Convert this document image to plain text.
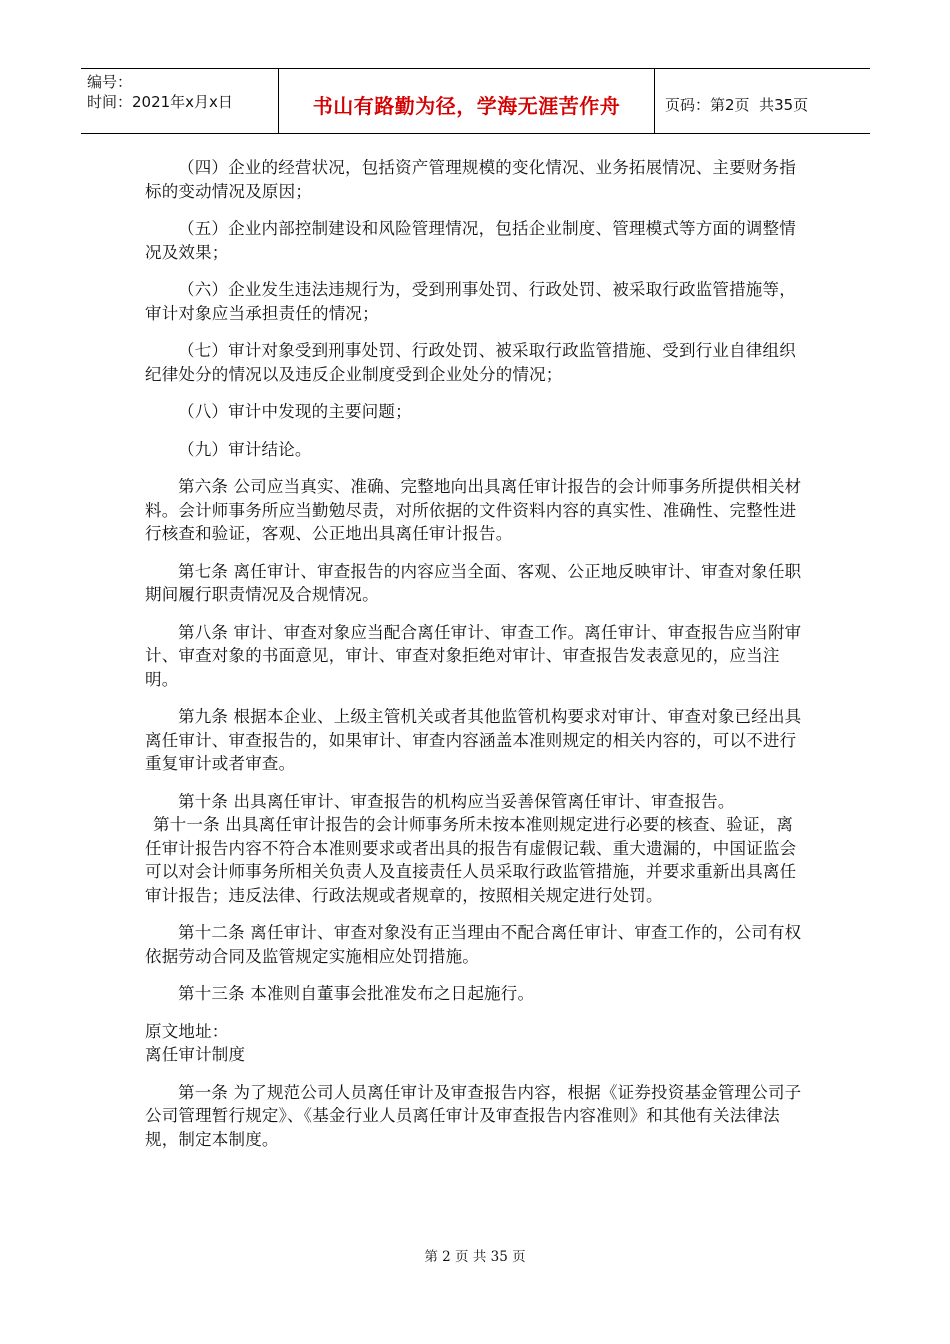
编号：
时间：2021年x月x日	书山有路勤为径，学海无涯苦作舟	页码：第2页  共35页

（四）企业的经营状况，包括资产管理规模的变化情况、业务拓展情况、主要财务指标的变动情况及原因；

（五）企业内部控制建设和风险管理情况，包括企业制度、管理模式等方面的调整情况及效果；

（六）企业发生违法违规行为，受到刑事处罚、行政处罚、被采取行政监管措施等，审计对象应当承担责任的情况；

（七）审计对象受到刑事处罚、行政处罚、被采取行政监管措施、受到行业自律组织纪律处分的情况以及违反企业制度受到企业处分的情况；

（八）审计中发现的主要问题；

（九）审计结论。

第六条 公司应当真实、准确、完整地向出具离任审计报告的会计师事务所提供相关材料。会计师事务所应当勤勉尽责，对所依据的文件资料内容的真实性、准确性、完整性进行核查和验证，客观、公正地出具离任审计报告。

第七条 离任审计、审查报告的内容应当全面、客观、公正地反映审计、审查对象任职期间履行职责情况及合规情况。

第八条 审计、审查对象应当配合离任审计、审查工作。离任审计、审查报告应当附审计、审查对象的书面意见，审计、审查对象拒绝对审计、审查报告发表意见的，应当注明。

第九条 根据本企业、上级主管机关或者其他监管机构要求对审计、审查对象已经出具离任审计、审查报告的，如果审计、审查内容涵盖本准则规定的相关内容的，可以不进行重复审计或者审查。

第十条 出具离任审计、审查报告的机构应当妥善保管离任审计、审查报告。

第十一条 出具离任审计报告的会计师事务所未按本准则规定进行必要的核查、验证，离任审计报告内容不符合本准则要求或者出具的报告有虚假记载、重大遗漏的，中国证监会可以对会计师事务所相关负责人及直接责任人员采取行政监管措施，并要求重新出具离任审计报告；违反法律、行政法规或者规章的，按照相关规定进行处罚。

第十二条 离任审计、审查对象没有正当理由不配合离任审计、审查工作的，公司有权依据劳动合同及监管规定实施相应处罚措施。

第十三条 本准则自董事会批准发布之日起施行。

原文地址：

离任审计制度

第一条 为了规范公司人员离任审计及审查报告内容，根据《证券投资基金管理公司子公司管理暂行规定》、《基金行业人员离任审计及审查报告内容准则》和其他有关法律法规，制定本制度。

第 2 页 共 35 页
